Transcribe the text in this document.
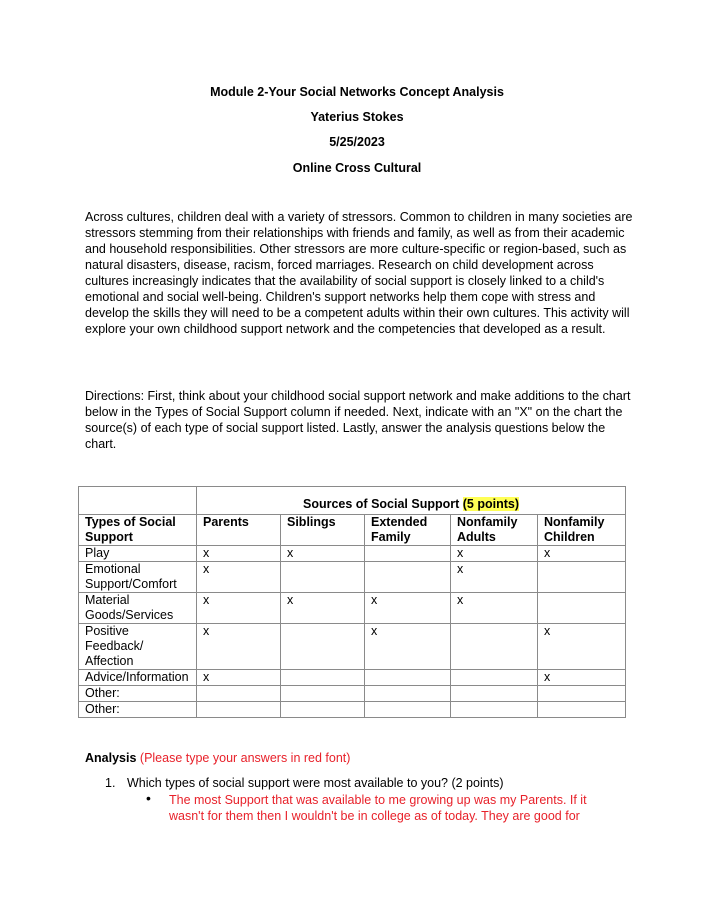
Module 2-Your Social Networks Concept Analysis
Yaterius Stokes
5/25/2023
Online Cross Cultural

Across cultures, children deal with a variety of stressors. Common to children in many societies are stressors stemming from their relationships with friends and family, as well as from their academic and household responsibilities. Other stressors are more culture-specific or region-based, such as natural disasters, disease, racism, forced marriages. Research on child development across cultures increasingly indicates that the availability of social support is closely linked to a child's emotional and social well-being. Children's support networks help them cope with stress and develop the skills they will need to be a competent adults within their own cultures. This activity will explore your own childhood support network and the competencies that developed as a result.

Directions: First, think about your childhood social support network and make additions to the chart below in the Types of Social Support column if needed. Next, indicate with an "X" on the chart the source(s) of each type of social support listed. Lastly, answer the analysis questions below the chart.

	Sources of Social Support (5 points)				
Types of Social Support	Parents	Siblings	Extended Family	Nonfamily Adults	Nonfamily Children
Play	x	x		x	x
Emotional Support/Comfort	x			x	
Material Goods/Services	x	x	x	x	
Positive Feedback/ Affection	x		x		x
Advice/Information	x				x
Other:					
Other:					
Analysis (Please type your answers in red font)
1. Which types of social support were most available to you? (2 points)
• The most Support that was available to me growing up was my Parents. If it wasn't for them then I wouldn't be in college as of today. They are good for
